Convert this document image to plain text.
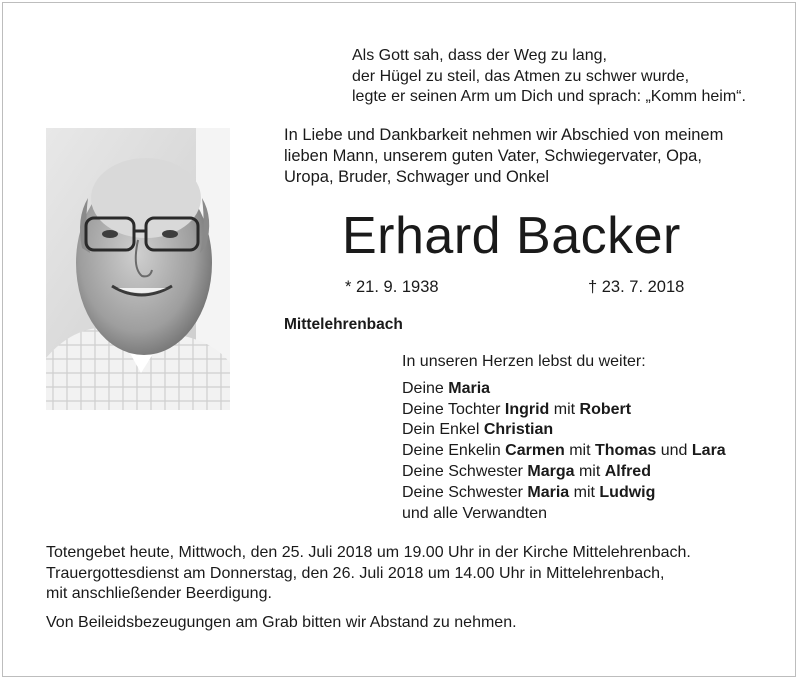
Als Gott sah, dass der Weg zu lang,
der Hügel zu steil, das Atmen zu schwer wurde,
legte er seinen Arm um Dich und sprach: „Komm heim“.
In Liebe und Dankbarkeit nehmen wir Abschied von meinem
lieben Mann, unserem guten Vater, Schwiegervater, Opa,
Uropa, Bruder, Schwager und Onkel
Erhard Backer
* 21. 9. 1938	† 23. 7. 2018
Mittelehrenbach
In unseren Herzen lebst du weiter:
Deine Maria
Deine Tochter Ingrid mit Robert
Dein Enkel Christian
Deine Enkelin Carmen mit Thomas und Lara
Deine Schwester Marga mit Alfred
Deine Schwester Maria mit Ludwig
und alle Verwandten
Totengebet heute, Mittwoch, den 25. Juli 2018 um 19.00 Uhr in der Kirche Mittelehrenbach.
Trauergottesdienst am Donnerstag, den 26. Juli 2018 um 14.00 Uhr in Mittelehrenbach,
mit anschließender Beerdigung.
Von Beileidsbezeugungen am Grab bitten wir Abstand zu nehmen.
